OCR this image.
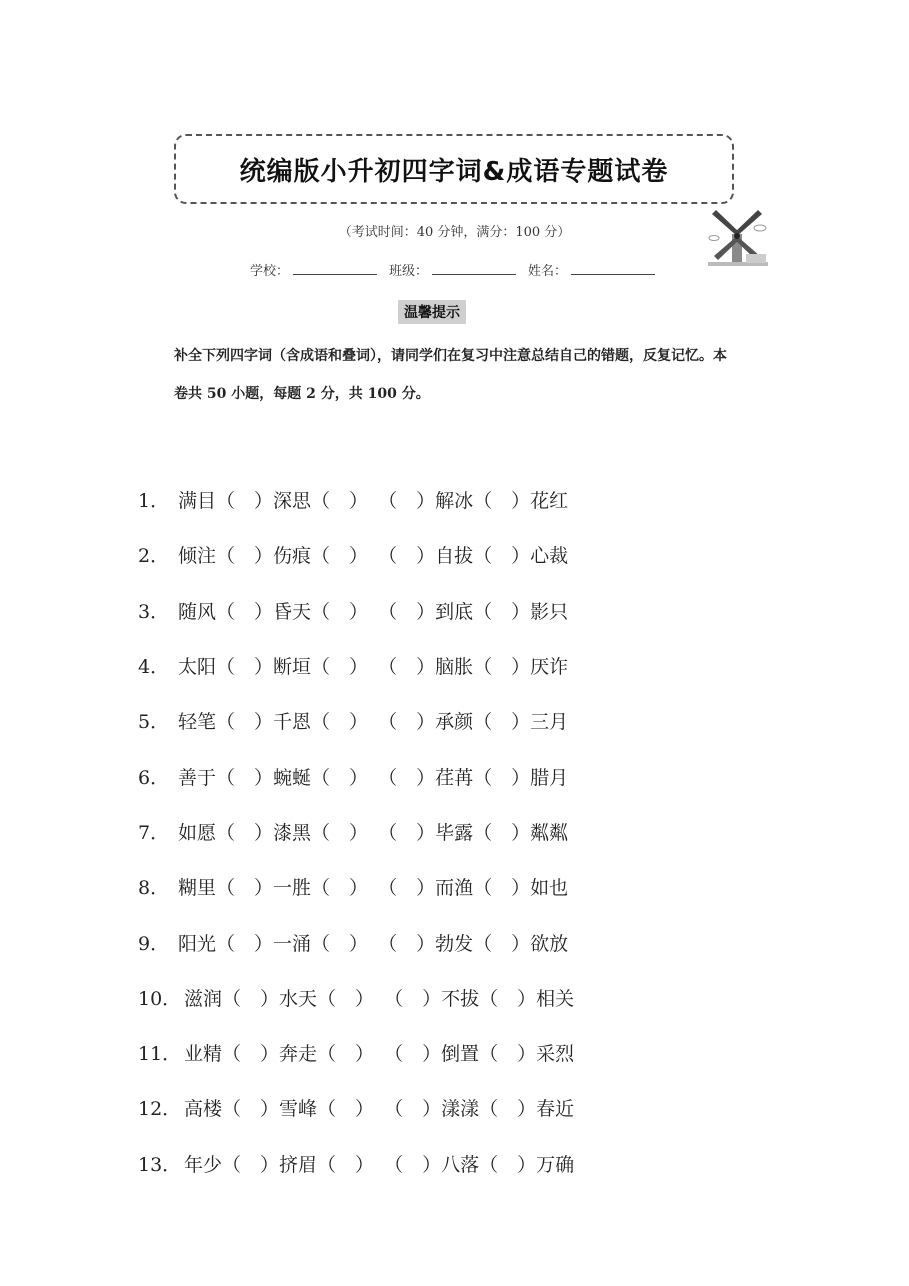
统编版小升初四字词&成语专题试卷
（考试时间：40 分钟，满分：100 分）
学校：	班级：	姓名：
温馨提示
补全下列四字词（含成语和叠词），请同学们在复习中注意总结自己的错题，反复记忆。本卷共 50 小题，每题 2 分，共 100 分。
1． 满目 （　） 深思 （　） （　） 解冰 （　） 花红
2． 倾注 （　） 伤痕 （　） （　） 自拔 （　） 心裁
3． 随风 （　） 昏天 （　） （　） 到底 （　） 影只
4． 太阳 （　） 断垣 （　） （　） 脑胀 （　） 厌诈
5． 轻笔 （　） 千恩 （　） （　） 承颜 （　） 三月
6． 善于 （　） 蜿蜒 （　） （　） 荏苒 （　） 腊月
7． 如愿 （　） 漆黑 （　） （　） 毕露 （　） 粼粼
8． 糊里 （　） 一胜 （　） （　） 而渔 （　） 如也
9． 阳光 （　） 一涌 （　） （　） 勃发 （　） 欲放
10． 滋润 （　） 水天 （　） （　） 不拔 （　） 相关
11． 业精 （　） 奔走 （　） （　） 倒置 （　） 采烈
12． 高楼 （　） 雪峰 （　） （　） 漾漾 （　） 春近
13． 年少 （　） 挤眉 （　） （　） 八落 （　） 万确
